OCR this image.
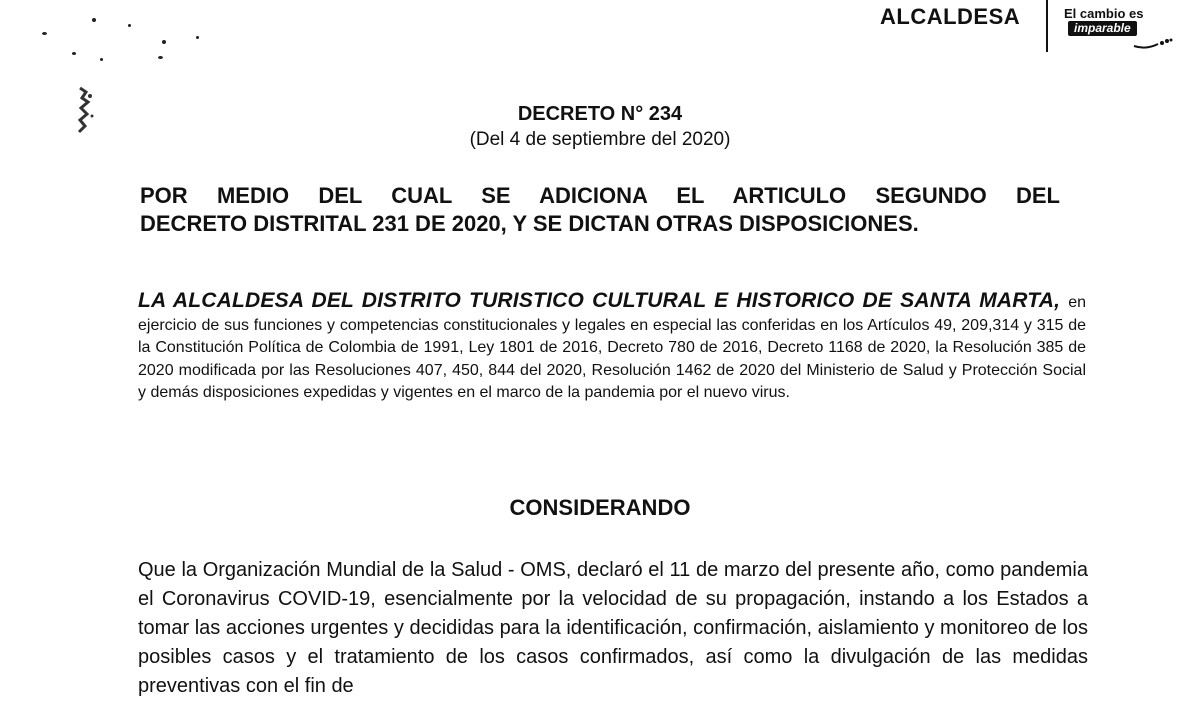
ALCALDESA	El cambio es
imparable
DECRETO N° 234
(Del 4 de septiembre del 2020)
POR MEDIO DEL CUAL SE ADICIONA EL ARTICULO SEGUNDO DEL
DECRETO DISTRITAL 231 DE 2020, Y SE DICTAN OTRAS DISPOSICIONES.
LA ALCALDESA DEL DISTRITO TURISTICO CULTURAL E HISTORICO DE SANTA MARTA, en ejercicio de sus funciones y competencias constitucionales y legales en especial las conferidas en los Artículos 49, 209,314 y 315 de la Constitución Política de Colombia de 1991, Ley 1801 de 2016, Decreto 780 de 2016, Decreto 1168 de 2020, la Resolución 385 de 2020 modificada por las Resoluciones 407, 450, 844 del 2020, Resolución 1462 de 2020 del Ministerio de Salud y Protección Social y demás disposiciones expedidas y vigentes en el marco de la pandemia por el nuevo virus.
CONSIDERANDO
Que la Organización Mundial de la Salud - OMS, declaró el 11 de marzo del presente año, como pandemia el Coronavirus COVID-19, esencialmente por la velocidad de su propagación, instando a los Estados a tomar las acciones urgentes y decididas para la identificación, confirmación, aislamiento y monitoreo de los posibles casos y el tratamiento de los casos confirmados, así como la divulgación de las medidas preventivas con el fin de
